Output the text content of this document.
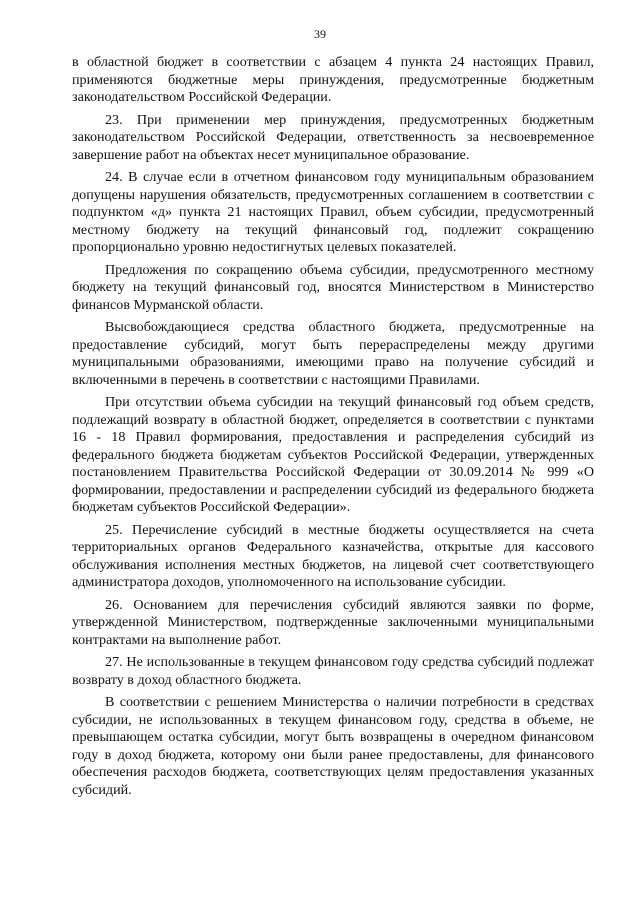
39

в областной бюджет в соответствии с абзацем 4 пункта 24 настоящих Правил, применяются бюджетные меры принуждения, предусмотренные бюджетным законодательством Российской Федерации.

23. При применении мер принуждения, предусмотренных бюджетным законодательством Российской Федерации, ответственность за несвоевременное завершение работ на объектах несет муниципальное образование.

24. В случае если в отчетном финансовом году муниципальным образованием допущены нарушения обязательств, предусмотренных соглашением в соответствии с подпунктом «д» пункта 21 настоящих Правил, объем субсидии, предусмотренный местному бюджету на текущий финансовый год, подлежит сокращению пропорционально уровню недостигнутых целевых показателей.

Предложения по сокращению объема субсидии, предусмотренного местному бюджету на текущий финансовый год, вносятся Министерством в Министерство финансов Мурманской области.

Высвобождающиеся средства областного бюджета, предусмотренные на предоставление субсидий, могут быть перераспределены между другими муниципальными образованиями, имеющими право на получение субсидий и включенными в перечень в соответствии с настоящими Правилами.

При отсутствии объема субсидии на текущий финансовый год объем средств, подлежащий возврату в областной бюджет, определяется в соответствии с пунктами 16 - 18 Правил формирования, предоставления и распределения субсидий из федерального бюджета бюджетам субъектов Российской Федерации, утвержденных постановлением Правительства Российской Федерации от 30.09.2014 № 999 «О формировании, предоставлении и распределении субсидий из федерального бюджета бюджетам субъектов Российской Федерации».

25. Перечисление субсидий в местные бюджеты осуществляется на счета территориальных органов Федерального казначейства, открытые для кассового обслуживания исполнения местных бюджетов, на лицевой счет соответствующего администратора доходов, уполномоченного на использование субсидии.

26. Основанием для перечисления субсидий являются заявки по форме, утвержденной Министерством, подтвержденные заключенными муниципальными контрактами на выполнение работ.

27. Не использованные в текущем финансовом году средства субсидий подлежат возврату в доход областного бюджета.

В соответствии с решением Министерства о наличии потребности в средствах субсидии, не использованных в текущем финансовом году, средства в объеме, не превышающем остатка субсидии, могут быть возвращены в очередном финансовом году в доход бюджета, которому они были ранее предоставлены, для финансового обеспечения расходов бюджета, соответствующих целям предоставления указанных субсидий.
